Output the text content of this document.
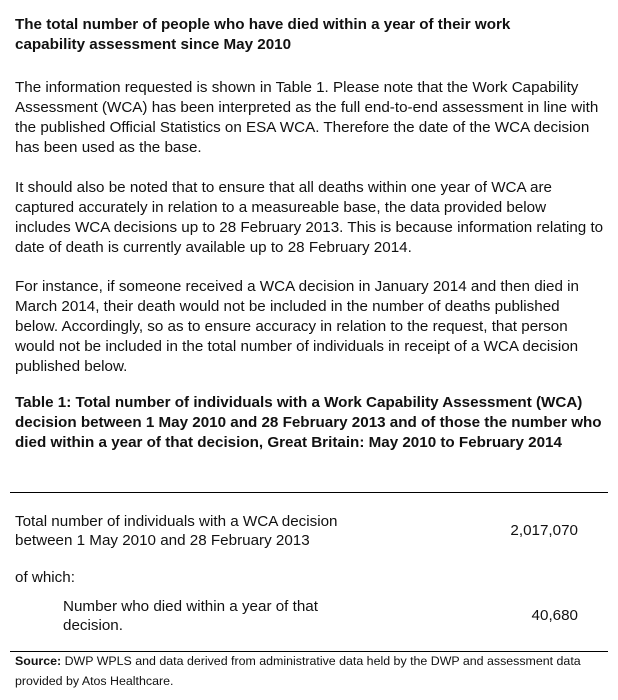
The total number of people who have died within a year of their work capability assessment since May 2010
The information requested is shown in Table 1. Please note that the Work Capability Assessment (WCA) has been interpreted as the full end-to-end assessment in line with the published Official Statistics on ESA WCA. Therefore the date of the WCA decision has been used as the base.
It should also be noted that to ensure that all deaths within one year of WCA are captured accurately in relation to a measureable base, the data provided below includes WCA decisions up to 28 February 2013. This is because information relating to date of death is currently available up to 28 February 2014.
For instance, if someone received a WCA decision in January 2014 and then died in March 2014, their death would not be included in the number of deaths published below. Accordingly, so as to ensure accuracy in relation to the request, that person would not be included in the total number of individuals in receipt of a WCA decision published below.
Table 1: Total number of individuals with a Work Capability Assessment (WCA) decision between 1 May 2010 and 28 February 2013 and of those the number who died within a year of that decision, Great Britain: May 2010 to February 2014
Total number of individuals with a WCA decision between 1 May 2010 and 28 February 2013
2,017,070
of which:
Number who died within a year of that decision.
40,680
Source: DWP WPLS and data derived from administrative data held by the DWP and assessment data provided by Atos Healthcare.
